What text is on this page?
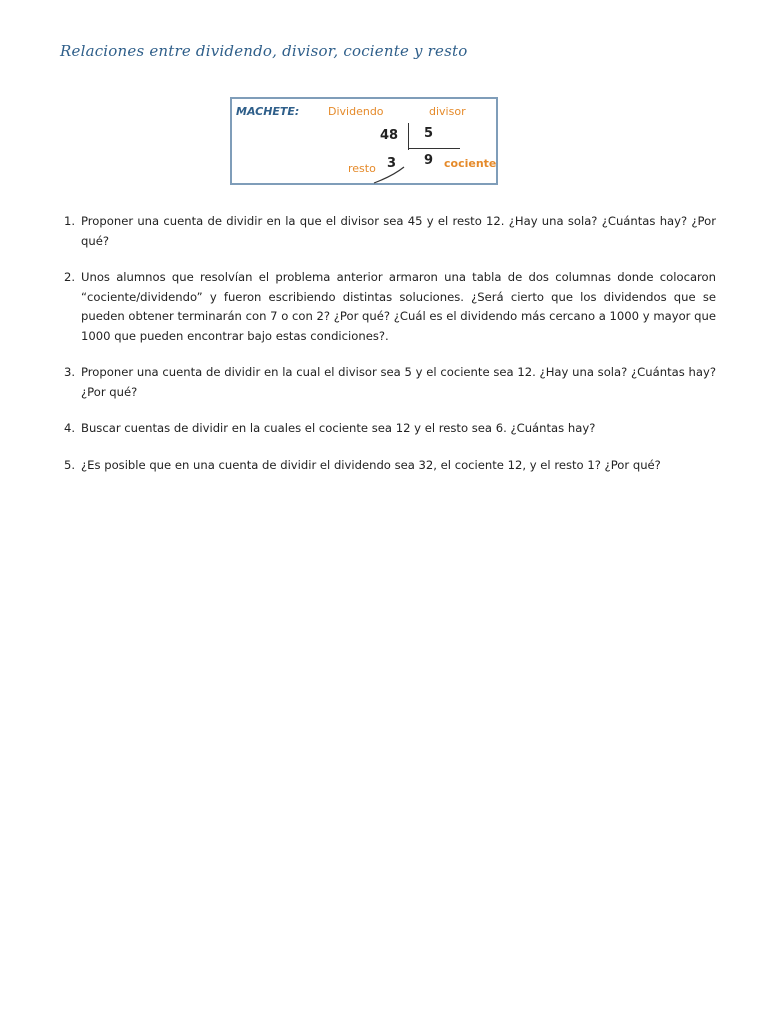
Relaciones entre dividendo, divisor, cociente y resto
MACHETE:	Dividendo	divisor
48 5
resto 3 9 cociente
1. Proponer una cuenta de dividir en la que el divisor sea 45 y el resto 12. ¿Hay una sola? ¿Cuántas hay? ¿Por qué?
2. Unos alumnos que resolvían el problema anterior armaron una tabla de dos columnas donde colocaron “cociente/dividendo” y fueron escribiendo distintas soluciones. ¿Será cierto que los dividendos que se pueden obtener terminarán con 7 o con 2? ¿Por qué? ¿Cuál es el dividendo más cercano a 1000 y mayor que 1000 que pueden encontrar bajo estas condiciones?.
3. Proponer una cuenta de dividir en la cual el divisor sea 5 y el cociente sea 12. ¿Hay una sola? ¿Cuántas hay? ¿Por qué?
4. Buscar cuentas de dividir en la cuales el cociente sea 12 y el resto sea 6. ¿Cuántas hay?
5. ¿Es posible que en una cuenta de dividir el dividendo sea 32, el cociente 12, y el resto 1? ¿Por qué?
